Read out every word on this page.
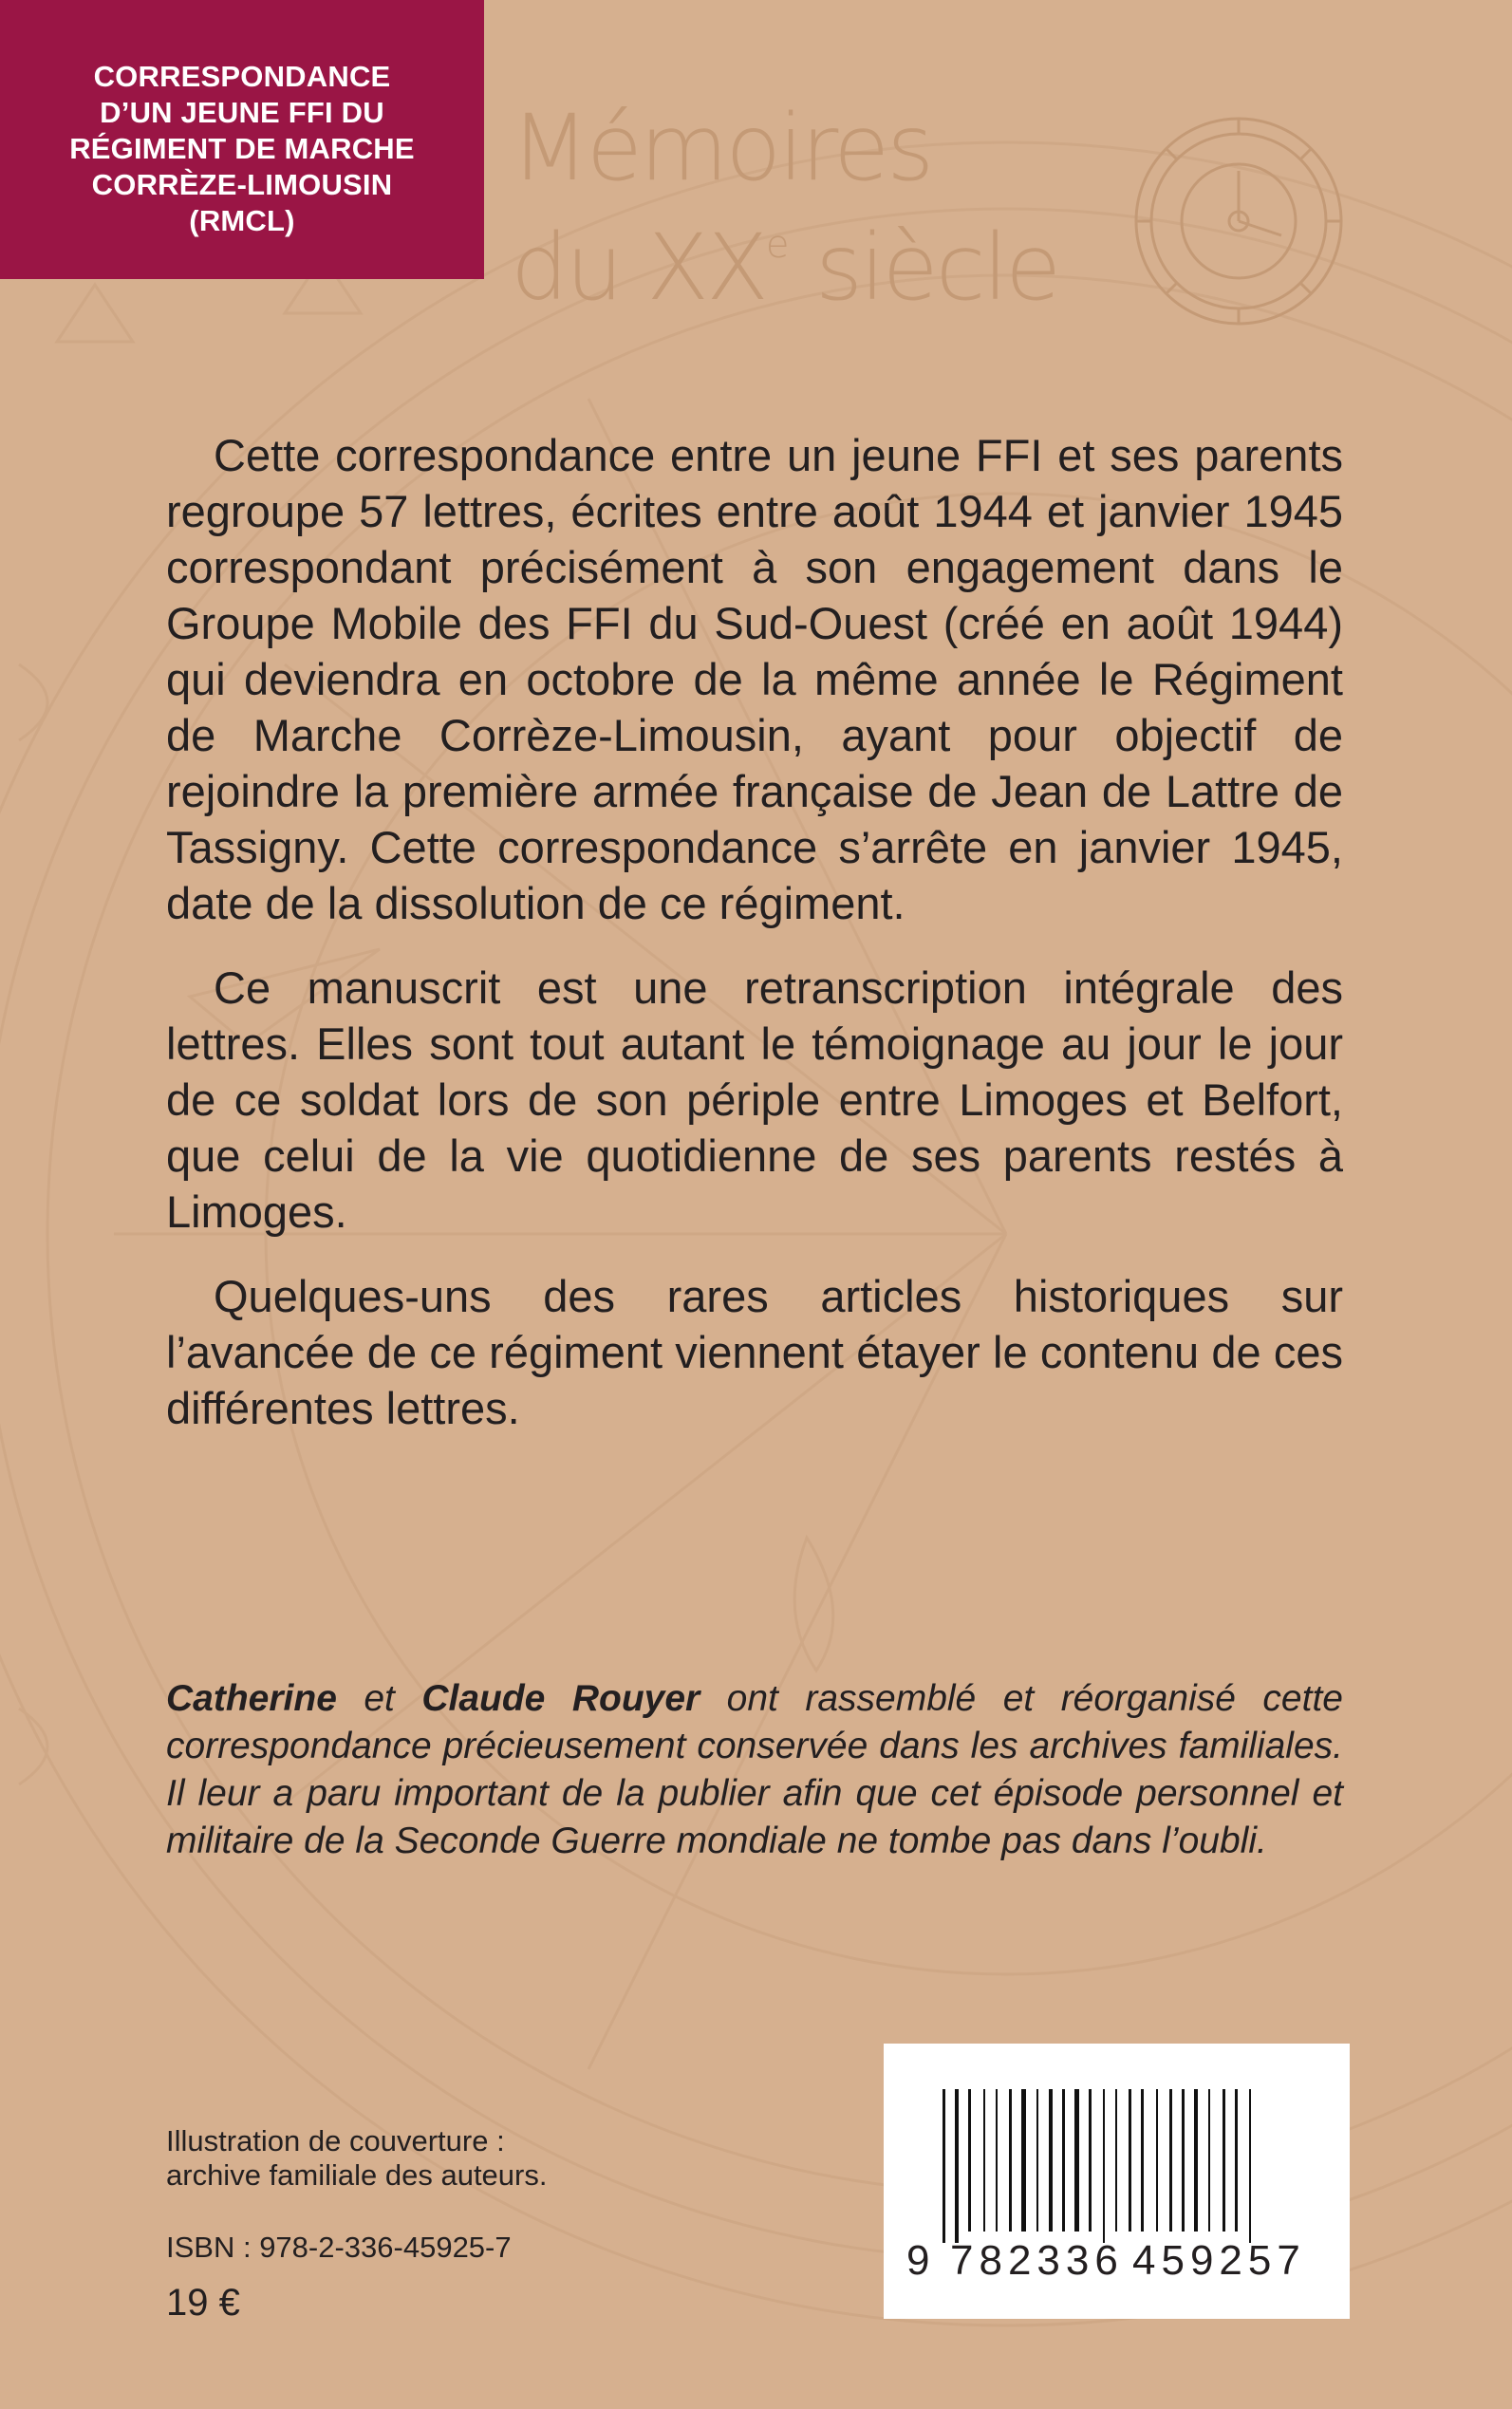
CORRESPONDANCE
D’UN JEUNE FFI DU
RÉGIMENT DE MARCHE
CORRÈZE-LIMOUSIN
(RMCL)
Mémoires
du XXe siècle

Cette correspondance entre un jeune FFI et ses parents regroupe 57 lettres, écrites entre août 1944 et janvier 1945 correspondant précisément à son engagement dans le Groupe Mobile des FFI du Sud-Ouest (créé en août 1944) qui deviendra en octobre de la même année le Régiment de Marche Corrèze-Limousin, ayant pour objectif de rejoindre la première armée française de Jean de Lattre de Tassigny. Cette correspondance s’arrête en janvier 1945, date de la dissolution de ce régiment.

Ce manuscrit est une retranscription intégrale des lettres. Elles sont tout autant le témoignage au jour le jour de ce soldat lors de son périple entre Limoges et Belfort, que celui de la vie quotidienne de ses parents restés à Limoges.

Quelques-uns des rares articles historiques sur l’avancée de ce régiment viennent étayer le contenu de ces différentes lettres.

Catherine et Claude Rouyer ont rassemblé et réorganisé cette correspondance précieusement conservée dans les archives familiales. Il leur a paru important de la publier afin que cet épisode personnel et militaire de la Seconde Guerre mondiale ne tombe pas dans l’oubli.
Illustration de couverture :
archive familiale des auteurs.
ISBN : 978-2-336-45925-7
19 €
9 782336 459257
